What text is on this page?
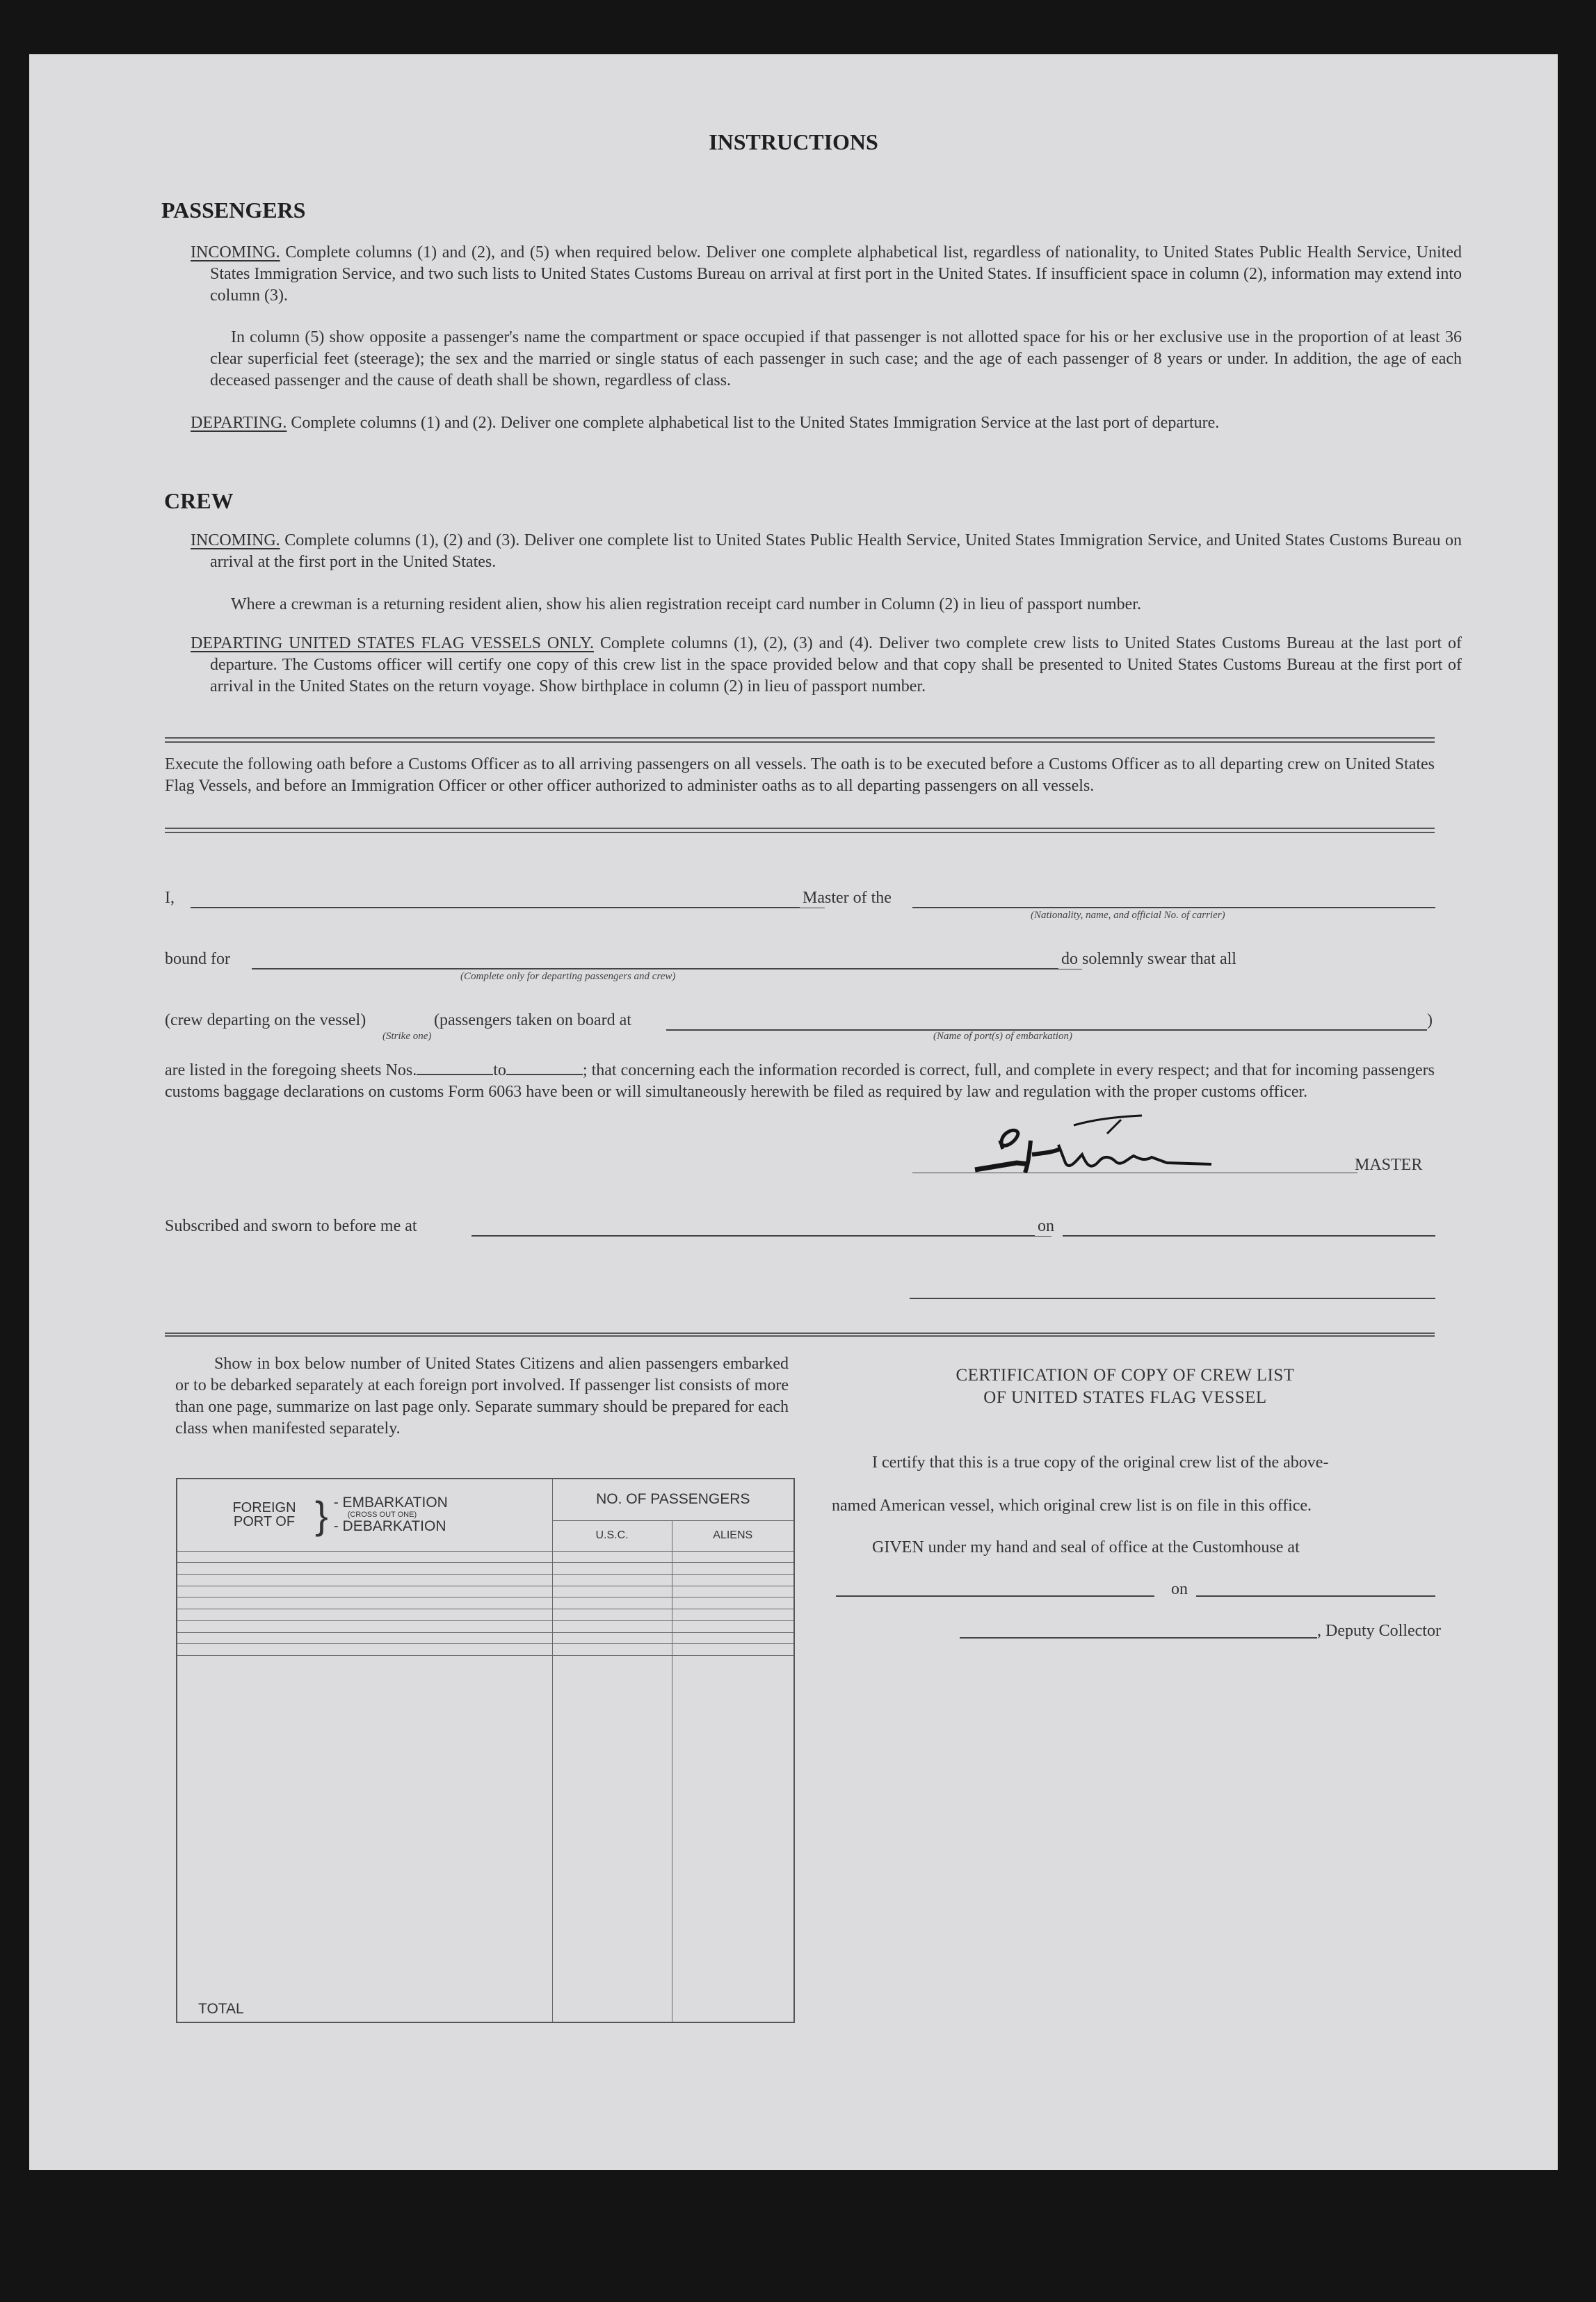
INSTRUCTIONS
PASSENGERS
INCOMING. Complete columns (1) and (2), and (5) when required below. Deliver one complete alphabetical list, regardless of nationality, to United States Public Health Service, United States Immigration Service, and two such lists to United States Customs Bureau on arrival at first port in the United States. If insufficient space in column (2), information may extend into column (3).
In column (5) show opposite a passenger's name the compartment or space occupied if that passenger is not allotted space for his or her exclusive use in the proportion of at least 36 clear superficial feet (steerage); the sex and the married or single status of each passenger in such case; and the age of each passenger of 8 years or under. In addition, the age of each deceased passenger and the cause of death shall be shown, regardless of class.
DEPARTING. Complete columns (1) and (2). Deliver one complete alphabetical list to the United States Immigration Service at the last port of departure.
CREW
INCOMING. Complete columns (1), (2) and (3). Deliver one complete list to United States Public Health Service, United States Immigration Service, and United States Customs Bureau on arrival at the first port in the United States.
Where a crewman is a returning resident alien, show his alien registration receipt card number in Column (2) in lieu of passport number.
DEPARTING UNITED STATES FLAG VESSELS ONLY. Complete columns (1), (2), (3) and (4). Deliver two complete crew lists to United States Customs Bureau at the last port of departure. The Customs officer will certify one copy of this crew list in the space provided below and that copy shall be presented to United States Customs Bureau at the first port of arrival in the United States on the return voyage. Show birthplace in column (2) in lieu of passport number.
Execute the following oath before a Customs Officer as to all arriving passengers on all vessels. The oath is to be executed before a Customs Officer as to all departing crew on United States Flag Vessels, and before an Immigration Officer or other officer authorized to administer oaths as to all departing passengers on all vessels.
I,	Master of the
(Nationality, name, and official No. of carrier)
bound for
(Complete only for departing passengers and crew)
do solemnly swear that all
(crew departing on the vessel)	(passengers taken on board at	)
(Strike one)	(Name of port(s) of embarkation)
are listed in the foregoing sheets Nos.	to	; that concerning each the information recorded is correct, full, and complete in every respect; and that for incoming passengers customs baggage declarations on customs Form 6063 have been or will simultaneously herewith be filed as required by law and regulation with the proper customs officer.
MASTER
Subscribed and sworn to before me at	on
Show in box below number of United States Citizens and alien passengers embarked or to be debarked separately at each foreign port involved. If passenger list consists of more than one page, summarize on last page only. Separate summary should be prepared for each class when manifested separately.
FOREIGN PORT OF } - EMBARKATION
(CROSS OUT ONE)
- DEBARKATION	NO. OF PASSENGERS	
	U.S.C.	ALIENS

TOTAL		
CERTIFICATION OF COPY OF CREW LIST
OF UNITED STATES FLAG VESSEL
I certify that this is a true copy of the original crew list of the above-
named American vessel, which original crew list is on file in this office.
GIVEN under my hand and seal of office at the Customhouse at
on
, Deputy Collector
